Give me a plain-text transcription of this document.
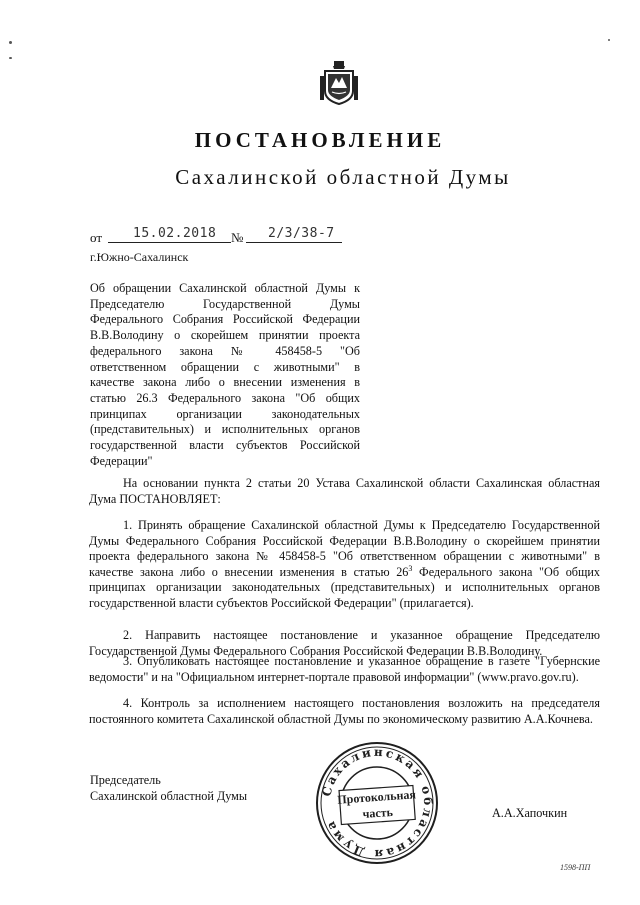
ПОСТАНОВЛЕНИЕ
Сахалинской областной Думы
от 15.02.2018 № 2/3/38-7
г.Южно-Сахалинск
Об обращении Сахалинской областной Думы к Председателю Государственной Думы Федерального Собрания Российской Федерации В.В.Володину о скорейшем принятии проекта федерального закона № 458458-5 "Об ответственном обращении с животными" в качестве закона либо о внесении изменения в статью 26.3 Федерального закона "Об общих принципах организации законодательных (представительных) и исполнительных органов государственной власти субъектов Российской Федерации"
На основании пункта 2 статьи 20 Устава Сахалинской области Сахалинская областная Дума ПОСТАНОВЛЯЕТ:
1. Принять обращение Сахалинской областной Думы к Председателю Государственной Думы Федерального Собрания Российской Федерации В.В.Володину о скорейшем принятии проекта федерального закона № 458458-5 "Об ответственном обращении с животными" в качестве закона либо о внесении изменения в статью $26^3$ Федерального закона "Об общих принципах организации законодательных (представительных) и исполнительных органов государственной власти субъектов Российской Федерации" (прилагается).
2. Направить настоящее постановление и указанное обращение Председателю Государственной Думы Федерального Собрания Российской Федерации В.В.Володину.
3. Опубликовать настоящее постановление и указанное обращение в газете "Губернские ведомости" и на "Официальном интернет-портале правовой информации" (www.pravo.gov.ru).
4. Контроль за исполнением настоящего постановления возложить на председателя постоянного комитета Сахалинской областной Думы по экономическому развитию А.А.Кочнева.
Председатель
Сахалинской областной Думы	Сахалинская областная Дума
Протокольная
часть	А.А.Хапочкин
1598-ПП
